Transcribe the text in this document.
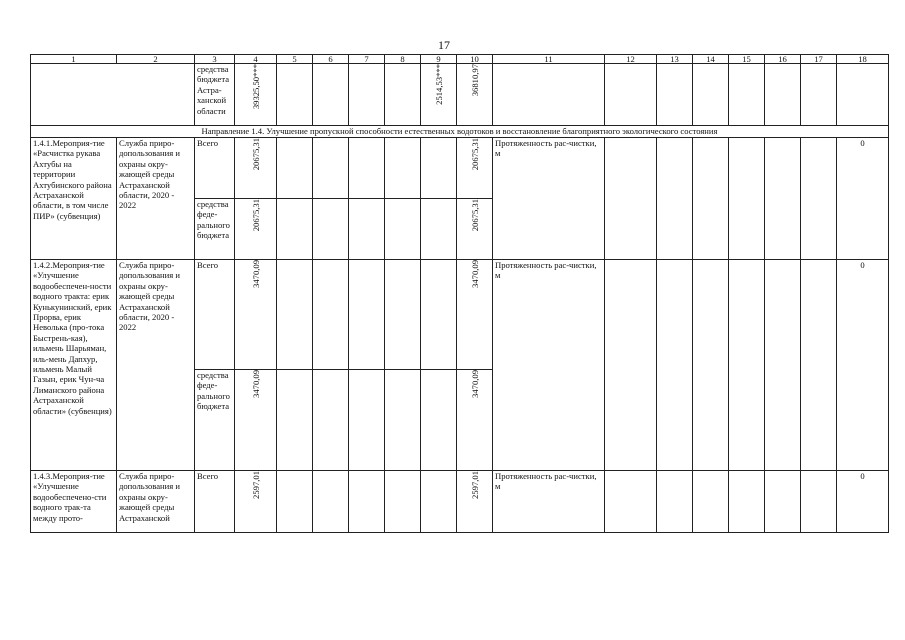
17
1	2	3	4	5	6	7	8	9	10	11	12	13	14	15	16	17	18
		средства бюджета Астра-ханской области	39325,50***					2514,53***	36810,97								
Направление 1.4. Улучшение пропускной способности естественных водотоков и восстановление благоприятного экологического состояния																	
1.4.1.Мероприя-тие «Расчистка рукава Ахтубы на территории Ахтубинского района Астраханской области, в том числе ПИР» (субвенция)	Служба приро-допользования и охраны окру-жающей среды Астраханской области, 2020 - 2022	Всего	20675,31						20675,31	Протяженность рас-чистки, м							0
		средства феде-рального бюджета	20675,31						20675,31								
1.4.2.Мероприя-тие «Улучшение водообеспечен-ности водного тракта: ерик Кунькунинский, ерик Прорва, ерик Неволька (про-тока Быстрень-кая), ильмень Шарьяман, иль-мень Дапхур, ильмень Малый Газын, ерик Чун-ча Лиманского района Астраханской области» (субвенция)	Служба приро-допользования и охраны окру-жающей среды Астраханской области, 2020 - 2022	Всего	3470,09						3470,09	Протяженность рас-чистки, м							0
		средства феде-рального бюджета	3470,09						3470,09								
1.4.3.Мероприя-тие «Улучшение водообеспечено-сти водного трак-та между прото-	Служба приро-допользования и охраны окру-жающей среды Астраханской	Всего	2597,01						2597,01	Протяженность рас-чистки, м							0
